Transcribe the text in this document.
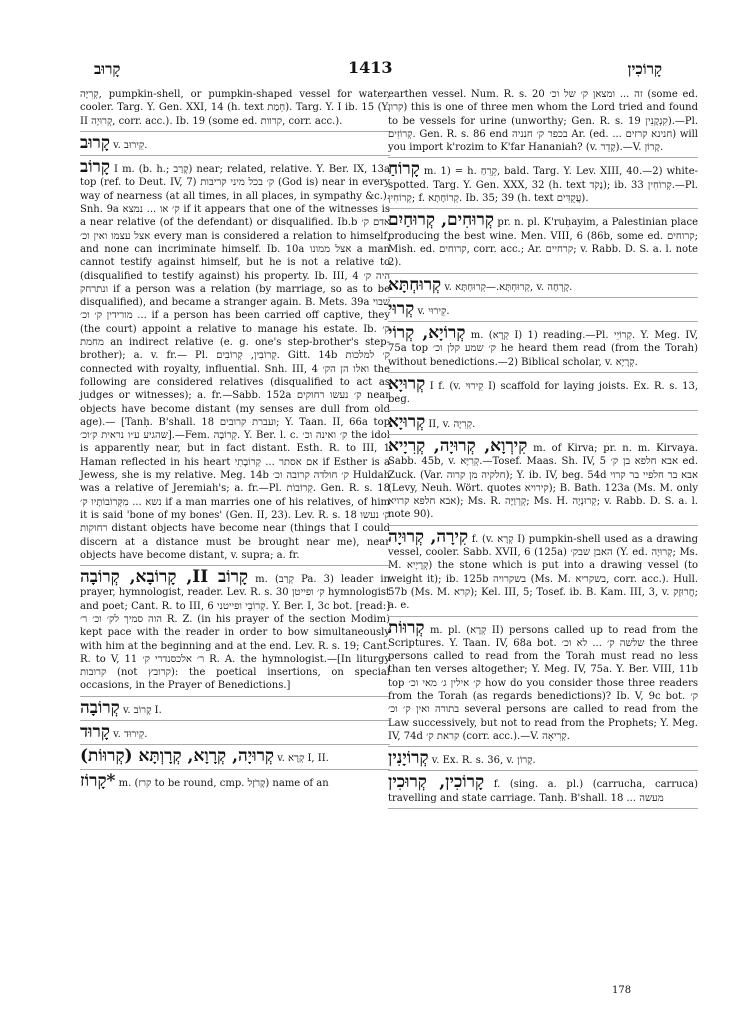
קָרוּב	1413	קָרוֹכִין

קְרִיָּה, pumpkin-shell, or pumpkin-shaped vessel for water, cooler. Targ. Y. Gen. XXI, 14 (h. text חֵמַת). Targ. Y. I ib. 15 (Y. II קְרוּיָה, corr. acc.). Ib. 19 (some ed. קרוות, corr. acc.).

קָרוּב v. קֵירוּב.

קָרוֹב I m. (b. h.; קָרַב) near; related, relative. Y. Ber. IX, 13a top (ref. to Deut. IV, 7) ק׳ בכל מיני קריבות (God is) near in every way of nearness (at all times, in all places, in sympathy &c.). Snh. 9a ק׳ או ... נמצא if it appears that one of the witnesses is a near relative (of the defendant) or disqualified. Ib.b אדם ק׳ אצל עצמו ואין וכ׳ every man is considered a relation to himself, and none can incriminate himself. Ib. 10a אצל ממונו a man cannot testify against himself, but he is not a relative to (disqualified to testify against) his property. Ib. III, 4 היה ק׳ ונתרחק if a person was a relation (by marriage, so as to be disqualified), and became a stranger again. B. Mets. 39a שבוי ... מורידין ק׳ וכ׳ if a person has been carried off captive, they (the court) appoint a relative to manage his estate. Ib. ק׳ מחמת an indirect relative (e. g. one's step-brother's step-brother); a. v. fr.— Pl. קְרוֹבִין, קְרוֹבִים. Gitt. 14b ק׳ למלכות connected with royalty, influential. Snh. III, 4 ואלו הן הק׳ the following are considered relatives (disqualified to act as judges or witnesses); a. fr.—Sabb. 152a ק׳ נעשו רחוקים near objects have become distant (my senses are dull from old age).— [Tanḥ. B'shall. 18 ועברת קרובים; Y. Taan. II, 66a top שהגיע ע״ו נראית ק׳וכ׳].—Fem. קְרוֹבָה. Y. Ber. l. c. ק׳ ואינה וכ׳ the idol is apparently near, but in fact distant. Esth. R. to III, 1 Haman reflected in his heart אם אסתר ... קְרוֹבָתִי if Esther is a Jewess, she is my relative. Meg. 14b ק׳ חולדה קרובה וכ׳ Huldah was a relative of Jeremiah's; a. fr.—Pl. קְרוֹבוֹת. Gen. R. s. 18 נשא ... מִקְּרוֹבוֹתָיו ק׳ if a man marries one of his relatives, of him it is said 'bone of my bones' (Gen. II, 23). Lev. R. s. 18 ק׳ נעשו רחוקות distant objects have become near (things that I could discern at a distance must be brought near me), near objects have become distant, v. supra; a. fr.

קָרוֹב II, קָרוֹבָא, קְרוֹבָה m. (קְרַב Pa. 3) leader in prayer, hymnologist, reader. Lev. R. s. 30 ק׳ ופייטן hymnologist and poet; Cant. R. to III, 6 קְרוֹבֵי ופייטני. Y. Ber. I, 3c bot. [read:] הוה סמיך לק׳ וכ׳ ר׳ R. Z. (in his prayer of the section Modim) kept pace with the reader in order to bow simultaneously with him at the beginning and at the end. Lev. R. s. 19; Cant. R. to V, 11 ר׳ אלכסנדרי ק׳ R. A. the hymnologist.—[In liturgy קרובות (not קרובץ): the poetical insertions, on special occasions, in the Prayer of Benedictions.]

קְרוֹבָה v. קָרוֹב I.

קָרוּד v. קֵירוּד.

קְרוּיָה, קְרָוָא, קְרָוְתָּא (קְרוּוֹת) v. קְרָא I, II.

*קָרוֹז m. (קרז to be round, cmp. קָרֹזָל) name of an

earthen vessel. Num. R. s. 20 זה ... ומצאן ק׳ של וכ׳ (some ed. קרון) this is one of three men whom the Lord tried and found to be vessels for urine (unworthy; Gen. R. s. 19 קִנְקָנִין).—Pl. קְרוֹזִים. Gen. R. s. 86 end בכפר ק׳ חנניה Ar. (ed. ... חנינא קרזים) will you import k'rozim to K'far Hananiah? (v. קָדֵר).—V. קָרוֹן.

קָרוֹחַ m. 1) = h. קֵרֵחַ, bald. Targ. Y. Lev. XIII, 40.—2) white-spotted. Targ. Y. Gen. XXX, 32 (h. text נָקֹד); ib. 33 קְרוֹחִין.—Pl. קְרוֹחִין; f. קְרוֹחָתָא. Ib. 35; 39 (h. text עֲקֻדִּים).

קְרוּחִים, קְרוּחַיִם pr. n. pl. K'ruḥayim, a Palestinian place producing the best wine. Men. VIII, 6 (86b, some ed. קרוחים; Mish. ed. קרוחים, corr. acc.; Ar. קרחיים; v. Rabb. D. S. a. l. note 2).

קְרוּחְתָּא v. קְרוּחְתָּא.—קְרוּחְתָּא, v. קָרְחָה.

קְרוּי v. קֵירוּי.

קְרוֹיָא, קְרוֹי m. (קְרָא I) 1) reading.—Pl. קְרוֹיֵי. Y. Meg. IV, 75a top ק׳ שמע קלן וכ׳ he heard them read (from the Torah) without benedictions.—2) Biblical scholar, v. קְרָיָא.

קְרוּיָא I f. (v. קֵירוּי I) scaffold for laying joists. Ex. R. s. 13, beg.

קְרוּיָא II, v. קְרִיָה.

קִירְוָא, קְרוּיָה, קְרִיָיא m. of Kirva; pr. n. m. Kirvaya. Sabb. 45b, v. קְרִיָּא.—Tosef. Maas. Sh. IV, 5 אבא חלפא בן ק׳ ed. Zuck. (Var. חלקיה מן קרוה); Y. ib. IV, beg. 54d אבא בר חלפיי בר קרוי (Levy, Neuh. Wört. quotes קירויא); B. Bath. 123a (Ms. M. only אבא חלפא קרויא); Ms. R. קְרְוַיָּה; Ms. H. קְרוּנְיָה; v. Rabb. D. S. a. l. note 90).

קִירָה, קְרוּיָה f. (v. קְרָא I) pumpkin-shell used as a drawing vessel, cooler. Sabb. XVII, 6 (125a) האבן שבק׳ (Y. ed. קְרוּיָה; Ms. M. קְרָיָיא) the stone which is put into a drawing vessel (to weight it); ib. 125b בשקרויה (Ms. M. בשקריא, corr. acc.). Hull. 57b (Ms. M. קרא); Kel. III, 5; Tosef. ib. B. Kam. III, 3, v. חֲרוּזָק; a. e.

קְרוּוֹת m. pl. (קְרָא II) persons called up to read from the Scriptures. Y. Taan. IV, 68a bot. שלשה ק׳ ... לא וכ׳ the three persons called to read from the Torah must read no less than ten verses altogether; Y. Meg. IV, 75a. Y. Ber. VIII, 11b top ק׳ אילין ג׳ מאי וכ׳ how do you consider those three readers from the Torah (as regards benedictions)? Ib. V, 9c bot. ק׳ בתורה ואין ק׳ וכ׳ several persons are called to read from the Law successively, but not to read from the Prophets; Y. Meg. IV, 74d קראת ק׳ (corr. acc.).—V. קְרִיאָה.

קְרוֹיָנִין v. Ex. R. s. 36, v. קָרוֹן.

קָרוֹכִין, קְרוּכִין f. (sing. a. pl.) (carrucha, carruca) travelling and state carriage. Tanḥ. B'shall. 18 ... מעשה

178
